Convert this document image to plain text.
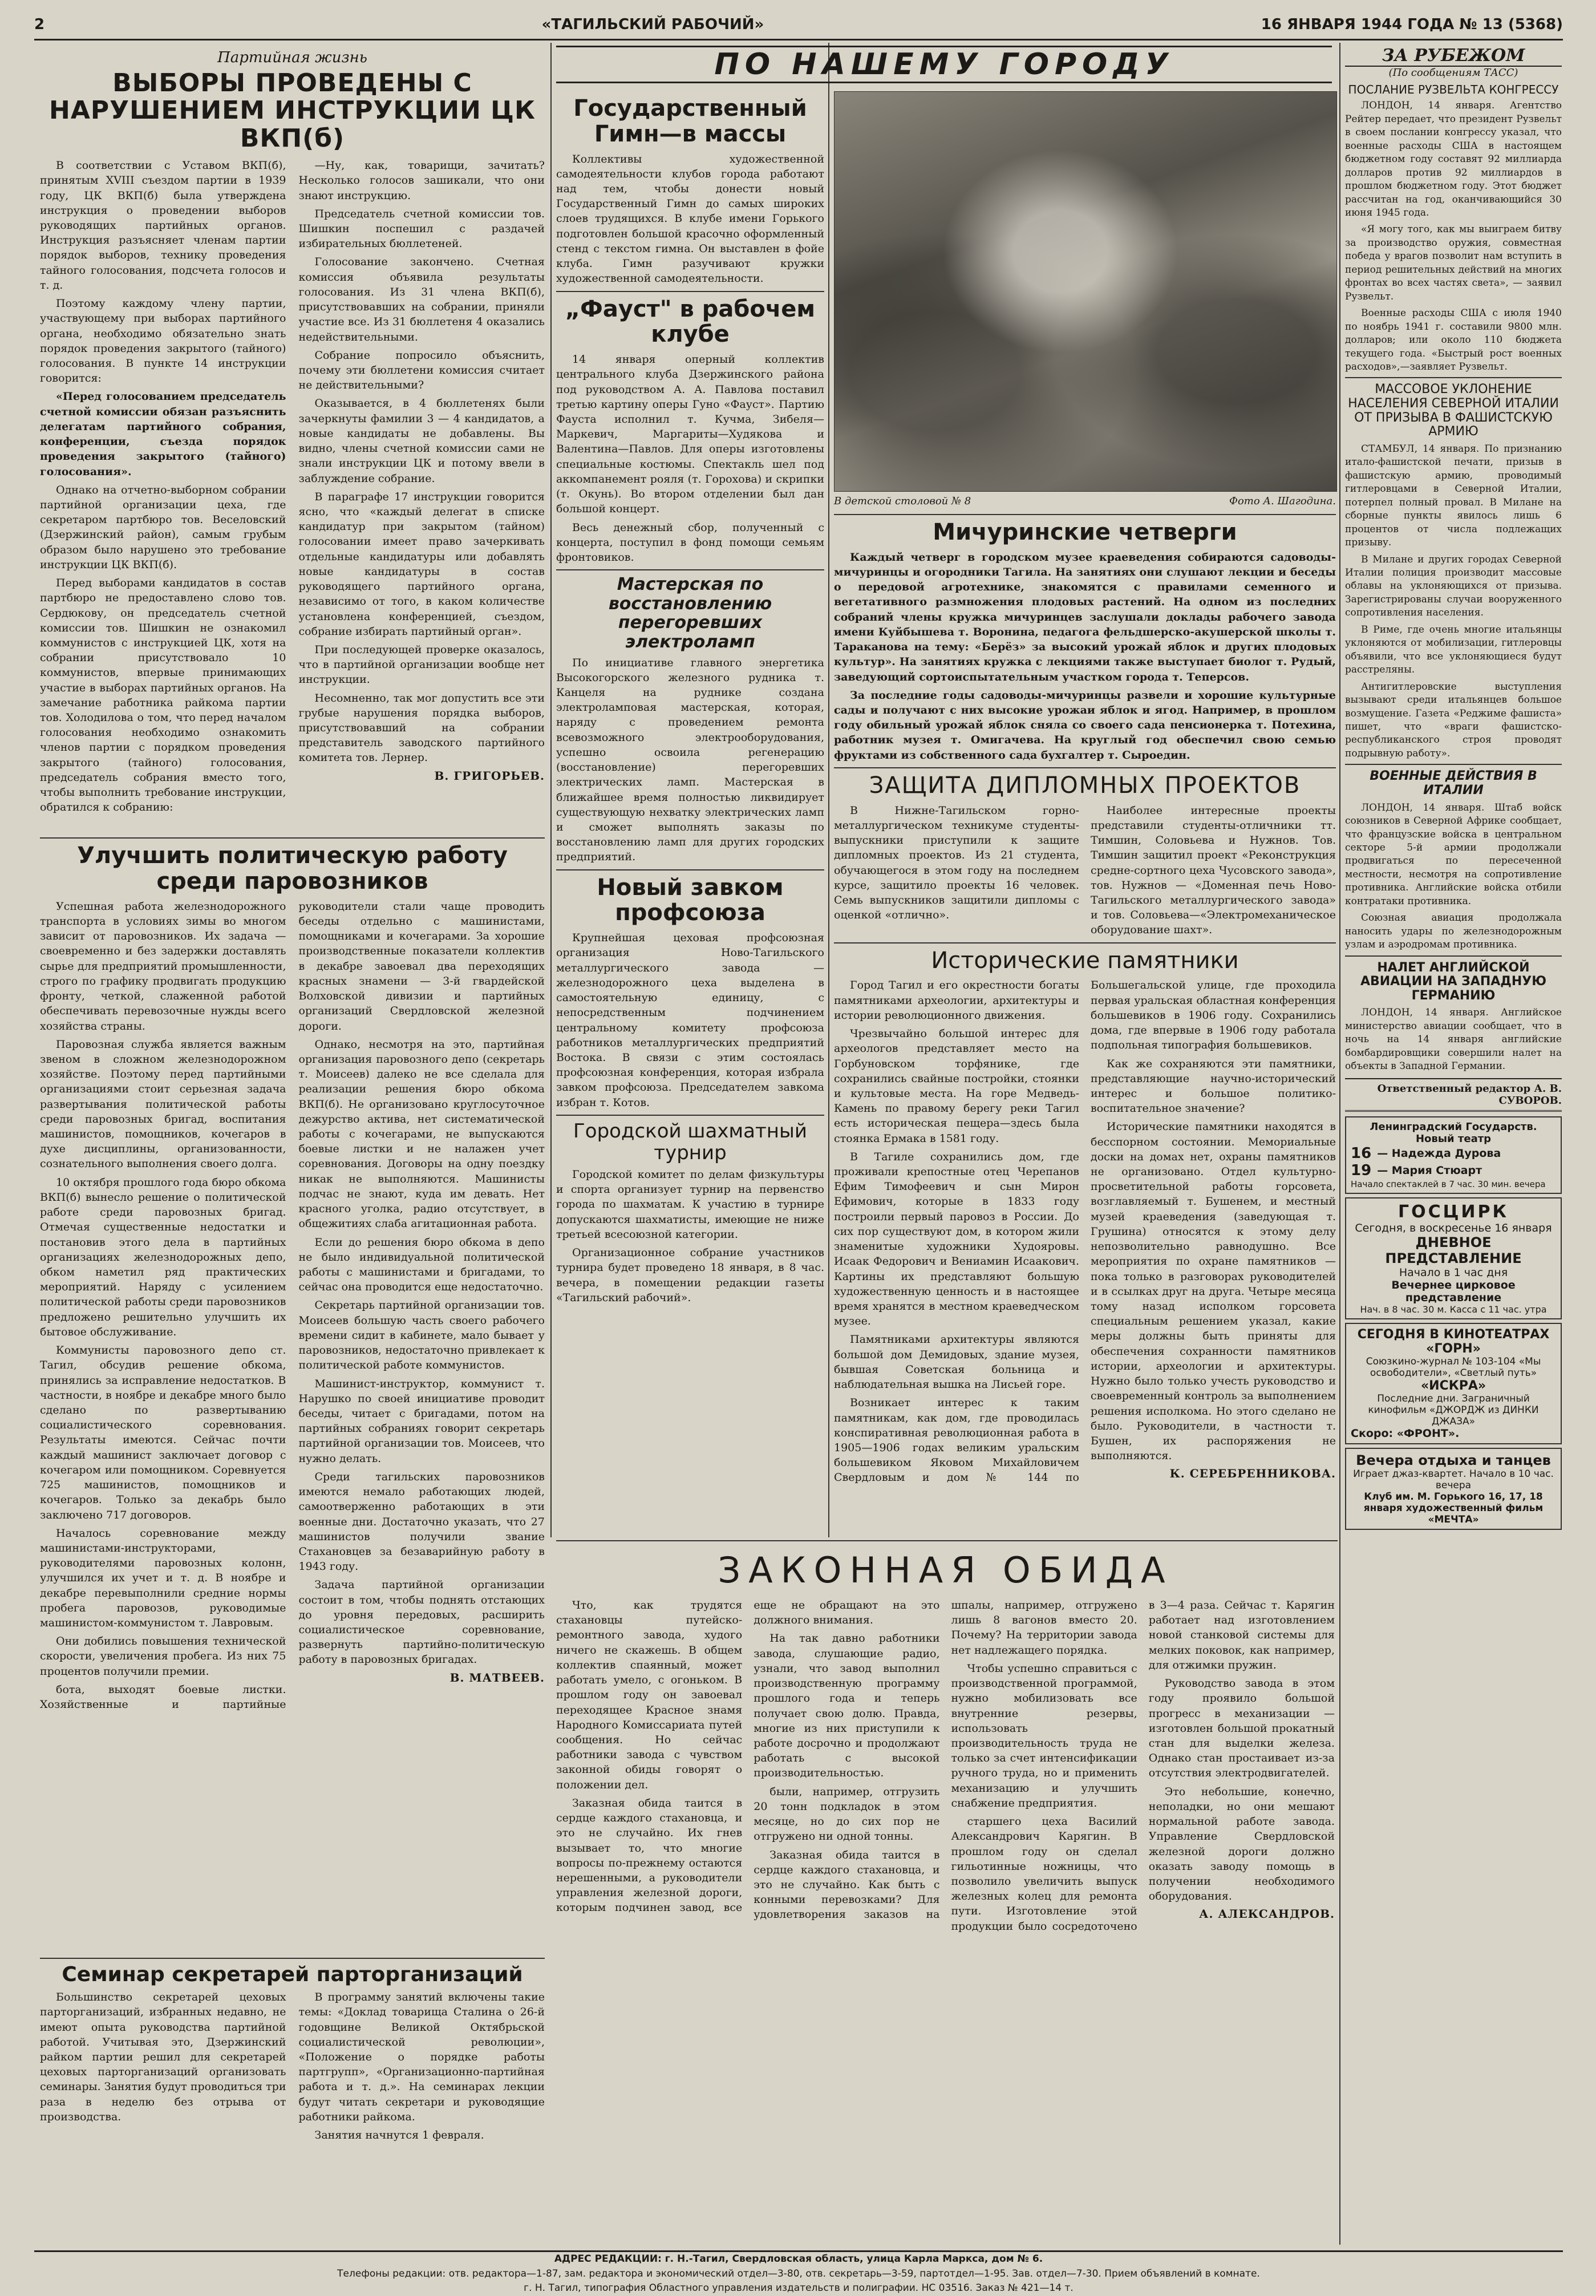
2	«ТАГИЛЬСКИЙ РАБОЧИЙ»	16 ЯНВАРЯ 1944 ГОДА № 13 (5368)
Партийная жизнь
ВЫБОРЫ ПРОВЕДЕНЫ С НАРУШЕНИЕМ ИНСТРУКЦИИ ЦК ВКП(б)

В соответствии с Уставом ВКП(б), принятым XVIII съездом партии в 1939 году, ЦК ВКП(б) была утверждена инструкция о проведении выборов руководящих партийных органов. Инструкция разъясняет членам партии порядок выборов, технику проведения тайного голосования, подсчета голосов и т. д.

Поэтому каждому члену партии, участвующему при выборах партийного органа, необходимо обязательно знать порядок проведения закрытого (тайного) голосования. В пункте 14 инструкции говорится:

«Перед голосованием председатель счетной комиссии обязан разъяснить делегатам партийного собрания, конференции, съезда порядок проведения закрытого (тайного) голосования».

Однако на отчетно-выборном собрании партийной организации цеха, где секретаром партбюро тов. Веселовский (Дзержинский район), самым грубым образом было нарушено это требование инструкции ЦК ВКП(б).

Перед выборами кандидатов в состав партбюро не предоставлено слово тов. Сердюкову, он председатель счетной комиссии тов. Шишкин не ознакомил коммунистов с инструкцией ЦК, хотя на собрании присутствовало 10 коммунистов, впервые принимающих участие в выборах партийных органов. На замечание работника райкома партии тов. Холодилова о том, что перед началом голосования необходимо ознакомить членов партии с порядком проведения закрытого (тайного) голосования, председатель собрания вместо того, чтобы выполнить требование инструкции, обратился к собранию:

—Ну, как, товарищи, зачитать? Несколько голосов зашикали, что они знают инструкцию.

Председатель счетной комиссии тов. Шишкин поспешил с раздачей избирательных бюллетеней.

Голосование закончено. Счетная комиссия объявила результаты голосования. Из 31 члена ВКП(б), присутствовавших на собрании, приняли участие все. Из 31 бюллетеня 4 оказались недействительными.

Собрание попросило объяснить, почему эти бюллетени комиссия считает не действительными?

Оказывается, в 4 бюллетенях были зачеркнуты фамилии 3 — 4 кандидатов, а новые кандидаты не добавлены. Вы видно, члены счетной комиссии сами не знали инструкции ЦК и потому ввели в заблуждение собрание.

В параграфе 17 инструкции говорится ясно, что «каждый делегат в списке кандидатур при закрытом (тайном) голосовании имеет право зачеркивать отдельные кандидатуры или добавлять новые кандидатуры в состав руководящего партийного органа, независимо от того, в каком количестве установлена конференцией, съездом, собрание избирать партийный орган».

При последующей проверке оказалось, что в партийной организации вообще нет инструкции.

Несомненно, так мог допустить все эти грубые нарушения порядка выборов, присутствовавший на собрании представитель заводского партийного комитета тов. Лернер.

В. ГРИГОРЬЕВ.
Улучшить политическую работу среди паровозников

Успешная работа железнодорожного транспорта в условиях зимы во многом зависит от паровозников. Их задача — своевременно и без задержки доставлять сырье для предприятий промышленности, строго по графику продвигать продукцию фронту, четкой, слаженной работой обеспечивать перевозочные нужды всего хозяйства страны.

Паровозная служба является важным звеном в сложном железнодорожном хозяйстве. Поэтому перед партийными организациями стоит серьезная задача развертывания политической работы среди паровозных бригад, воспитания машинистов, помощников, кочегаров в духе дисциплины, организованности, сознательного выполнения своего долга.

10 октября прошлого года бюро обкома ВКП(б) вынесло решение о политической работе среди паровозных бригад. Отмечая существенные недостатки и постановив этого дела в партийных организациях железнодорожных депо, обком наметил ряд практических мероприятий. Наряду с усилением политической работы среди паровозников предложено решительно улучшить их бытовое обслуживание.

Коммунисты паровозного депо ст. Тагил, обсудив решение обкома, принялись за исправление недостатков. В частности, в ноябре и декабре много было сделано по развертыванию социалистического соревнования. Результаты имеются. Сейчас почти каждый машинист заключает договор с кочегаром или помощником. Соревнуется 725 машинистов, помощников и кочегаров. Только за декабрь было заключено 717 договоров.

Началось соревнование между машинистами-инструкторами, руководителями паровозных колонн, улучшился их учет и т. д. В ноябре и декабре перевыполнили средние нормы пробега паровозов, руководимые машинистом-коммунистом т. Лавровым.

Они добились повышения технической скорости, увеличения пробега. Из них 75 процентов получили премии.

бота, выходят боевые листки. Хозяйственные и партийные руководители стали чаще проводить беседы отдельно с машинистами, помощниками и кочегарами. За хорошие производственные показатели коллектив в декабре завоевал два переходящих красных знамени — 3-й гвардейской Волховской дивизии и партийных организаций Свердловской железной дороги.

Однако, несмотря на это, партийная организация паровозного депо (секретарь т. Моисеев) далеко не все сделала для реализации решения бюро обкома ВКП(б). Не организовано круглосуточное дежурство актива, нет систематической работы с кочегарами, не выпускаются боевые листки и не налажен учет соревнования. Договоры на одну поездку никак не выполняются. Машинисты подчас не знают, куда им девать. Нет красного уголка, радио отсутствует, в общежитиях слаба агитационная работа.

Если до решения бюро обкома в депо не было индивидуальной политической работы с машинистами и бригадами, то сейчас она проводится еще недостаточно.

Секретарь партийной организации тов. Моисеев большую часть своего рабочего времени сидит в кабинете, мало бывает у паровозников, недостаточно привлекает к политической работе коммунистов.

Машинист-инструктор, коммунист т. Нарушко по своей инициативе проводит беседы, читает с бригадами, потом на партийных собраниях говорит секретарь партийной организации тов. Моисеев, что нужно делать.

Среди тагильских паровозников имеются немало работающих людей, самоотверженно работающих в эти военные дни. Достаточно указать, что 27 машинистов получили звание Стахановцев за безаварийную работу в 1943 году.

Задача партийной организации состоит в том, чтобы поднять отстающих до уровня передовых, расширить социалистическое соревнование, развернуть партийно-политическую работу в паровозных бригадах.

В. МАТВЕЕВ.
Семинар секретарей парторганизаций

Большинство секретарей цеховых парторганизаций, избранных недавно, не имеют опыта руководства партийной работой. Учитывая это, Дзержинский райком партии решил для секретарей цеховых парторганизаций организовать семинары. Занятия будут проводиться три раза в неделю без отрыва от производства.

В программу занятий включены такие темы: «Доклад товарища Сталина о 26-й годовщине Великой Октябрьской социалистической революции», «Положение о порядке работы партгрупп», «Организационно-партийная работа и т. д.». На семинарах лекции будут читать секретари и руководящие работники райкома.

Занятия начнутся 1 февраля.

ПО НАШЕМУ ГОРОДУ
Государственный Гимн—в массы

Коллективы художественной самодеятельности клубов города работают над тем, чтобы донести новый Государственный Гимн до самых широких слоев трудящихся. В клубе имени Горького подготовлен большой красочно оформленный стенд с текстом гимна. Он выставлен в фойе клуба. Гимн разучивают кружки художественной самодеятельности.

„Фауст" в рабочем клубе

14 января оперный коллектив центрального клуба Дзержинского района под руководством А. А. Павлова поставил третью картину оперы Гуно «Фауст». Партию Фауста исполнил т. Кучма, Зибеля—Маркевич, Маргариты—Худякова и Валентина—Павлов. Для оперы изготовлены специальные костюмы. Спектакль шел под аккомпанемент рояля (т. Горохова) и скрипки (т. Окунь). Во втором отделении был дан большой концерт.

Весь денежный сбор, полученный с концерта, поступил в фонд помощи семьям фронтовиков.

Мастерская по восстановлению перегоревших электроламп

По инициативе главного энергетика Высокогорского железного рудника т. Канцеля на руднике создана электроламповая мастерская, которая, наряду с проведением ремонта всевозможного электрооборудования, успешно освоила регенерацию (восстановление) перегоревших электрических ламп. Мастерская в ближайшее время полностью ликвидирует существующую нехватку электрических ламп и сможет выполнять заказы по восстановлению ламп для других городских предприятий.

Новый завком профсоюза

Крупнейшая цеховая профсоюзная организация Ново-Тагильского металлургического завода — железнодорожного цеха выделена в самостоятельную единицу, с непосредственным подчинением центральному комитету профсоюза работников металлургических предприятий Востока. В связи с этим состоялась профсоюзная конференция, которая избрала завком профсоюза. Председателем завкома избран т. Котов.

Городской шахматный турнир

Городской комитет по делам физкультуры и спорта организует турнир на первенство города по шахматам. К участию в турнире допускаются шахматисты, имеющие не ниже третьей всесоюзной категории.

Организационное собрание участников турнира будет проведено 18 января, в 8 час. вечера, в помещении редакции газеты «Тагильский рабочий».

В детской столовой № 8	Фото А. Шагодина.
Мичуринские четверги

Каждый четверг в городском музее краеведения собираются садоводы-мичуринцы и огородники Тагила. На занятиях они слушают лекции и беседы о передовой агротехнике, знакомятся с правилами семенного и вегетативного размножения плодовых растений. На одном из последних собраний члены кружка мичуринцев заслушали доклады рабочего завода имени Куйбышева т. Воронина, педагога фельдшерско-акушерской школы т. Тараканова на тему: «Берёз» за высокий урожай яблок и других плодовых культур». На занятиях кружка с лекциями также выступает биолог т. Рудый, заведующий сортоиспытательным участком города т. Теперсов.

За последние годы садоводы-мичуринцы развели и хорошие культурные сады и получают с них высокие урожаи яблок и ягод. Например, в прошлом году обильный урожай яблок сняла со своего сада пенсионерка т. Потехина, работник музея т. Омигачева. На круглый год обеспечил свою семью фруктами из собственного сада бухгалтер т. Сыроедин.

ЗАЩИТА ДИПЛОМНЫХ ПРОЕКТОВ

В Нижне-Тагильском горно-металлургическом техникуме студенты-выпускники приступили к защите дипломных проектов. Из 21 студента, обучающегося в этом году на последнем курсе, защитило проекты 16 человек. Семь выпускников защитили дипломы с оценкой «отлично».

Наиболее интересные проекты представили студенты-отличники тт. Тимшин, Соловьева и Нужнов. Тов. Тимшин защитил проект «Реконструкция средне-сортного цеха Чусовского завода», тов. Нужнов — «Доменная печь Ново-Тагильского металлургического завода» и тов. Соловьева—«Электромеханическое оборудование шахт».

Исторические памятники

Город Тагил и его окрестности богаты памятниками археологии, архитектуры и истории революционного движения.

Чрезвычайно большой интерес для археологов представляет место на Горбуновском торфянике, где сохранились свайные постройки, стоянки и культовые места. На горе Медведь-Камень по правому берегу реки Тагил есть историческая пещера—здесь была стоянка Ермака в 1581 году.

В Тагиле сохранились дом, где проживали крепостные отец Черепанов Ефим Тимофеевич и сын Мирон Ефимович, которые в 1833 году построили первый паровоз в России. До сих пор существуют дом, в котором жили знаменитые художники Худояровы. Исаак Федорович и Вениамин Исаакович. Картины их представляют большую художественную ценность и в настоящее время хранятся в местном краеведческом музее.

Памятниками архитектуры являются большой дом Демидовых, здание музея, бывшая Советская больница и наблюдательная вышка на Лисьей горе.

Возникает интерес к таким памятникам, как дом, где проводилась конспиративная революционная работа в 1905—1906 годах великим уральским большевиком Яковом Михайловичем Свердловым и дом № 144 по Большегальской улице, где проходила первая уральская областная конференция большевиков в 1906 году. Сохранились дома, где впервые в 1906 году работала подпольная типография большевиков.

Как же сохраняются эти памятники, представляющие научно-исторический интерес и большое политико-воспитательное значение?

Исторические памятники находятся в бесспорном состоянии. Мемориальные доски на домах нет, охраны памятников не организовано. Отдел культурно-просветительной работы горсовета, возглавляемый т. Бушенем, и местный музей краеведения (заведующая т. Грушина) относятся к этому делу непозволительно равнодушно. Все мероприятия по охране памятников — пока только в разговорах руководителей и в ссылках друг на друга. Четыре месяца тому назад исполком горсовета специальным решением указал, какие меры должны быть приняты для обеспечения сохранности памятников истории, археологии и архитектуры. Нужно было только учесть руководство и своевременный контроль за выполнением решения исполкома. Но этого сделано не было. Руководители, в частности т. Бушен, их распоряжения не выполняются.

К. СЕРЕБРЕННИКОВА.
ЗАКОННАЯ ОБИДА

Что, как трудятся стахановцы путейско-ремонтного завода, худого ничего не скажешь. В общем коллектив спаянный, может работать умело, с огоньком. В прошлом году он завоевал переходящее Красное знамя Народного Комиссариата путей сообщения. Но сейчас работники завода с чувством законной обиды говорят о положении дел.

Заказная обида таится в сердце каждого стахановца, и это не случайно. Их гнев вызывает то, что многие вопросы по-прежнему остаются нерешенными, а руководители управления железной дороги, которым подчинен завод, все еще не обращают на это должного внимания.

На так давно работники завода, слушающие радио, узнали, что завод выполнил производственную программу прошлого года и теперь получает свою долю. Правда, многие из них приступили к работе досрочно и продолжают работать с высокой производительностью.

были, например, отгрузить 20 тонн подкладок в этом месяце, но до сих пор не отгружено ни одной тонны.

Заказная обида таится в сердце каждого стахановца, и это не случайно. Как быть с конными перевозками? Для удовлетворения заказов на шпалы, например, отгружено лишь 8 вагонов вместо 20. Почему? На территории завода нет надлежащего порядка.

Чтобы успешно справиться с производственной программой, нужно мобилизовать все внутренние резервы, использовать производительность труда не только за счет интенсификации ручного труда, но и применить механизацию и улучшить снабжение предприятия.

старшего цеха Василий Александрович Карягин. В прошлом году он сделал гильотинные ножницы, что позволило увеличить выпуск железных колец для ремонта пути. Изготовление этой продукции было сосредоточено в 3—4 раза. Сейчас т. Карягин работает над изготовлением новой станковой системы для мелких поковок, как например, для отжимки пружин.

Руководство завода в этом году проявило большой прогресс в механизации — изготовлен большой прокатный стан для выделки железа. Однако стан простаивает из-за отсутствия электродвигателей.

Это небольшие, конечно, неполадки, но они мешают нормальной работе завода. Управление Свердловской железной дороги должно оказать заводу помощь в получении необходимого оборудования.

А. АЛЕКСАНДРОВ.
ЗА РУБЕЖОМ
(По сообщениям ТАСС)
ПОСЛАНИЕ РУЗВЕЛЬТА КОНГРЕССУ

ЛОНДОН, 14 января. Агентство Рейтер передает, что президент Рузвельт в своем послании конгрессу указал, что военные расходы США в настоящем бюджетном году составят 92 миллиарда долларов против 92 миллиардов в прошлом бюджетном году. Этот бюджет рассчитан на год, оканчивающийся 30 июня 1945 года.

«Я могу того, как мы выиграем битву за производство оружия, совместная победа у врагов позволит нам вступить в период решительных действий на многих фронтах во всех частях света», — заявил Рузвельт.

Военные расходы США с июля 1940 по ноябрь 1941 г. составили 9800 млн. долларов; или около 110 бюджета текущего года. «Быстрый рост военных расходов»,—заявляет Рузвельт.

МАССОВОЕ УКЛОНЕНИЕ НАСЕЛЕНИЯ СЕВЕРНОЙ ИТАЛИИ ОТ ПРИЗЫВА В ФАШИСТСКУЮ АРМИЮ

СТАМБУЛ, 14 января. По признанию итало-фашистской печати, призыв в фашистскую армию, проводимый гитлеровцами в Северной Италии, потерпел полный провал. В Милане на сборные пункты явилось лишь 6 процентов от числа подлежащих призыву.

В Милане и других городах Северной Италии полиция производит массовые облавы на уклоняющихся от призыва. Зарегистрированы случаи вооруженного сопротивления населения.

В Риме, где очень многие итальянцы уклоняются от мобилизации, гитлеровцы объявили, что все уклоняющиеся будут расстреляны.

Антигитлеровские выступления вызывают среди итальянцев большое возмущение. Газета «Реджиме фашиста» пишет, что «враги фашистско-республиканского строя проводят подрывную работу».

ВОЕННЫЕ ДЕЙСТВИЯ В ИТАЛИИ

ЛОНДОН, 14 января. Штаб войск союзников в Северной Африке сообщает, что французские войска в центральном секторе 5-й армии продолжали продвигаться по пересеченной местности, несмотря на сопротивление противника. Английские войска отбили контратаки противника.

Союзная авиация продолжала наносить удары по железнодорожным узлам и аэродромам противника.

НАЛЕТ АНГЛИЙСКОЙ АВИАЦИИ НА ЗАПАДНУЮ ГЕРМАНИЮ

ЛОНДОН, 14 января. Английское министерство авиации сообщает, что в ночь на 14 января английские бомбардировщики совершили налет на объекты в Западной Германии.

Ответственный редактор А. В. СУВОРОВ.
Ленинградский Государств. Новый театр
16 — Надежда Дурова
19 — Мария Стюарт
Начало спектаклей в 7 час. 30 мин. вечера
ГОСЦИРК
Сегодня, в воскресенье 16 января
ДНЕВНОЕ ПРЕДСТАВЛЕНИЕ
Начало в 1 час дня
Вечернее цирковое представление
Нач. в 8 час. 30 м. Касса с 11 час. утра
СЕГОДНЯ В КИНОТЕАТРАХ
«ГОРН»
Союзкино-журнал № 103-104 «Мы освободители», «Светлый путь»
«ИСКРА»
Последние дни. Заграничный кинофильм «ДЖОРДЖ из ДИНКИ ДЖАЗА»
Скоро: «ФРОНТ».
Вечера отдыха и танцев
Играет джаз-квартет. Начало в 10 час. вечера
Клуб им. М. Горького 16, 17, 18 января художественный фильм «МЕЧТА»
АДРЕС РЕДАКЦИИ: г. Н.-Тагил, Свердловская область, улица Карла Маркса, дом № 6.
Телефоны редакции: отв. редактора—1-87, зам. редактора и экономический отдел—3-80, отв. секретарь—3-59, партотдел—1-95. Зав. отдел—7-30. Прием объявлений в комнате.
г. Н. Тагил, типография Областного управления издательств и полиграфии. НС 03516. Заказ № 421—14 т.
